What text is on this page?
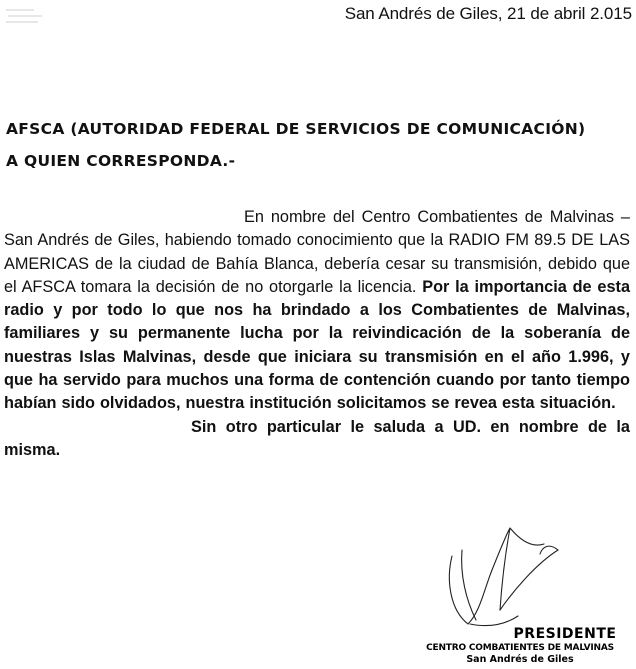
San Andrés de Giles, 21 de abril 2.015
AFSCA (AUTORIDAD FEDERAL DE SERVICIOS DE COMUNICACIÓN)
A QUIEN CORRESPONDA.-

En nombre del Centro Combatientes de Malvinas – San Andrés de Giles, habiendo tomado conocimiento que la RADIO FM 89.5 DE LAS AMERICAS de la ciudad de Bahía Blanca, debería cesar su transmisión, debido que el AFSCA tomara la decisión de no otorgarle la licencia. Por la importancia de esta radio y por todo lo que nos ha brindado a los Combatientes de Malvinas, familiares y su permanente lucha por la reivindicación de la soberanía de nuestras Islas Malvinas, desde que iniciara su transmisión en el año 1.996, y que ha servido para muchos una forma de contención cuando por tanto tiempo habían sido olvidados, nuestra institución solicitamos se revea esta situación.

Sin otro particular le saluda a UD. en nombre de la misma.

PRESIDENTE
CENTRO COMBATIENTES DE MALVINAS
San Andrés de Giles
